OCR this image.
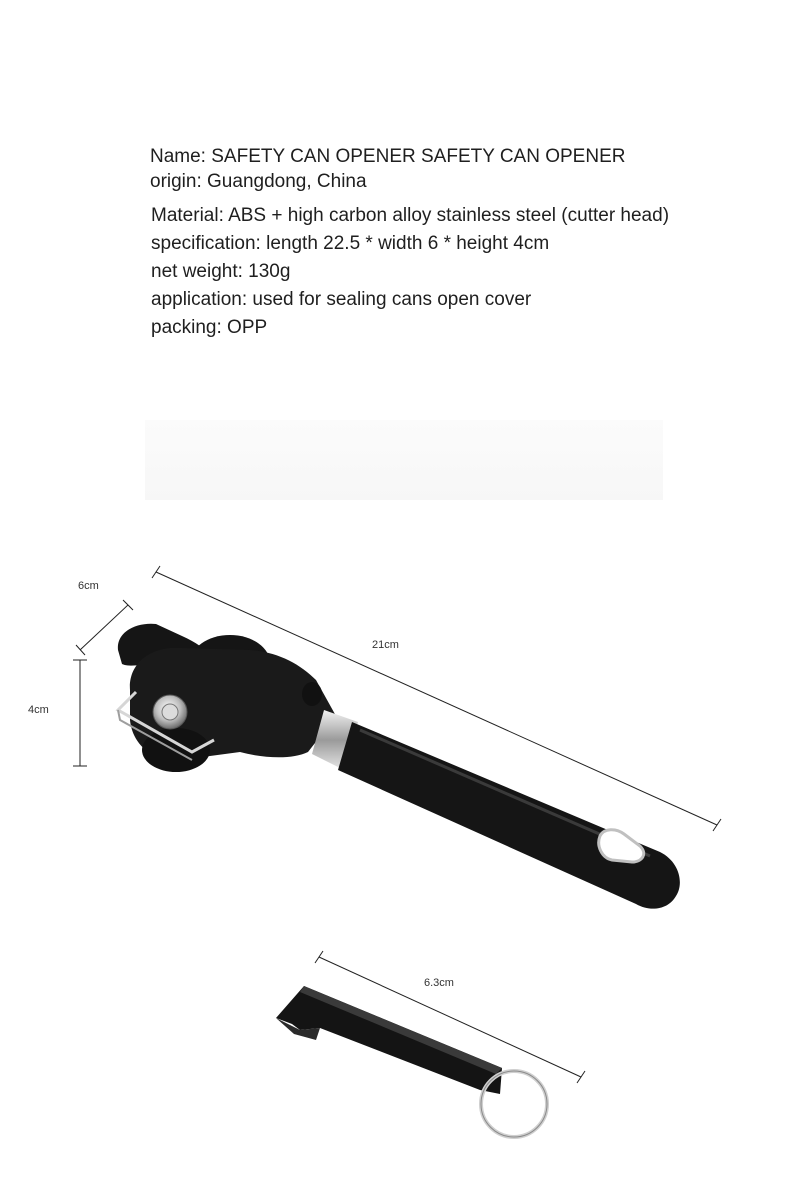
Name: SAFETY CAN OPENER SAFETY CAN OPENER origin: Guangdong, China

Material: ABS + high carbon alloy stainless steel (cutter head)
specification: length 22.5 * width 6 * height 4cm
net weight: 130g
application: used for sealing cans open cover
packing: OPP
6cm
4cm
21cm
6.3cm
